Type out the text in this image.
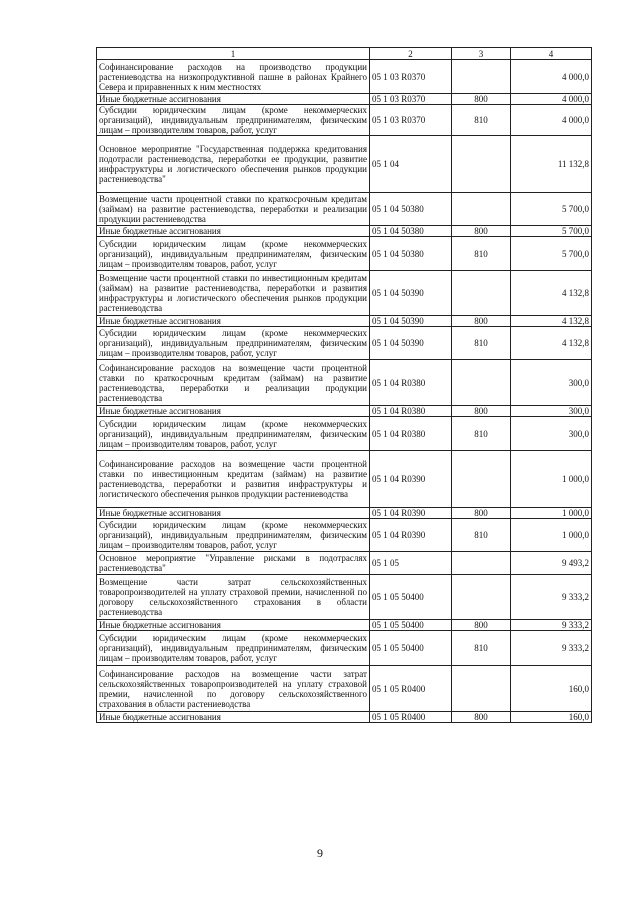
1	2	3	4
Софинансирование расходов на производство продукции растениеводства на низкопродуктивной пашне в районах Крайнего Севера и приравненных к ним местностях	05 1 03 R0370		4 000,0
Иные бюджетные ассигнования	05 1 03 R0370	800	4 000,0
Субсидии юридическим лицам (кроме некоммерческих организаций), индивидуальным предпринимателям, физическим лицам – производителям товаров, работ, услуг	05 1 03 R0370	810	4 000,0
Основное мероприятие "Государственная поддержка кредитования подотрасли растениеводства, переработки ее продукции, развитие инфраструктуры и логистического обеспечения рынков продукции растениеводства"	05 1 04		11 132,8
Возмещение части процентной ставки по краткосрочным кредитам (займам) на развитие растениеводства, переработки и реализации продукции растениеводства	05 1 04 50380		5 700,0
Иные бюджетные ассигнования	05 1 04 50380	800	5 700,0
Субсидии юридическим лицам (кроме некоммерческих организаций), индивидуальным предпринимателям, физическим лицам – производителям товаров, работ, услуг	05 1 04 50380	810	5 700,0
Возмещение части процентной ставки по инвестиционным кредитам (займам) на развитие растениеводства, переработки и развития инфраструктуры и логистического обеспечения рынков продукции растениеводства	05 1 04 50390		4 132,8
Иные бюджетные ассигнования	05 1 04 50390	800	4 132,8
Субсидии юридическим лицам (кроме некоммерческих организаций), индивидуальным предпринимателям, физическим лицам – производителям товаров, работ, услуг	05 1 04 50390	810	4 132,8
Софинансирование расходов на возмещение части процентной ставки по краткосрочным кредитам (займам) на развитие растениеводства, переработки и реализации продукции растениеводства	05 1 04 R0380		300,0
Иные бюджетные ассигнования	05 1 04 R0380	800	300,0
Субсидии юридическим лицам (кроме некоммерческих организаций), индивидуальным предпринимателям, физическим лицам – производителям товаров, работ, услуг	05 1 04 R0380	810	300,0
Софинансирование расходов на возмещение части процентной ставки по инвестиционным кредитам (займам) на развитие растениеводства, переработки и развития инфраструктуры и логистического обеспечения рынков продукции растениеводства	05 1 04 R0390		1 000,0
Иные бюджетные ассигнования	05 1 04 R0390	800	1 000,0
Субсидии юридическим лицам (кроме некоммерческих организаций), индивидуальным предпринимателям, физическим лицам – производителям товаров, работ, услуг	05 1 04 R0390	810	1 000,0
Основное мероприятие "Управление рисками в подотраслях растениеводства"	05 1 05		9 493,2
Возмещение части затрат сельскохозяйственных товаропроизводителей на уплату страховой премии, начисленной по договору сельскохозяйственного страхования в области растениеводства	05 1 05 50400		9 333,2
Иные бюджетные ассигнования	05 1 05 50400	800	9 333,2
Субсидии юридическим лицам (кроме некоммерческих организаций), индивидуальным предпринимателям, физическим лицам – производителям товаров, работ, услуг	05 1 05 50400	810	9 333,2
Софинансирование расходов на возмещение части затрат сельскохозяйственных товаропроизводителей на уплату страховой премии, начисленной по договору сельскохозяйственного страхования в области растениеводства	05 1 05 R0400		160,0
Иные бюджетные ассигнования	05 1 05 R0400	800	160,0
9
